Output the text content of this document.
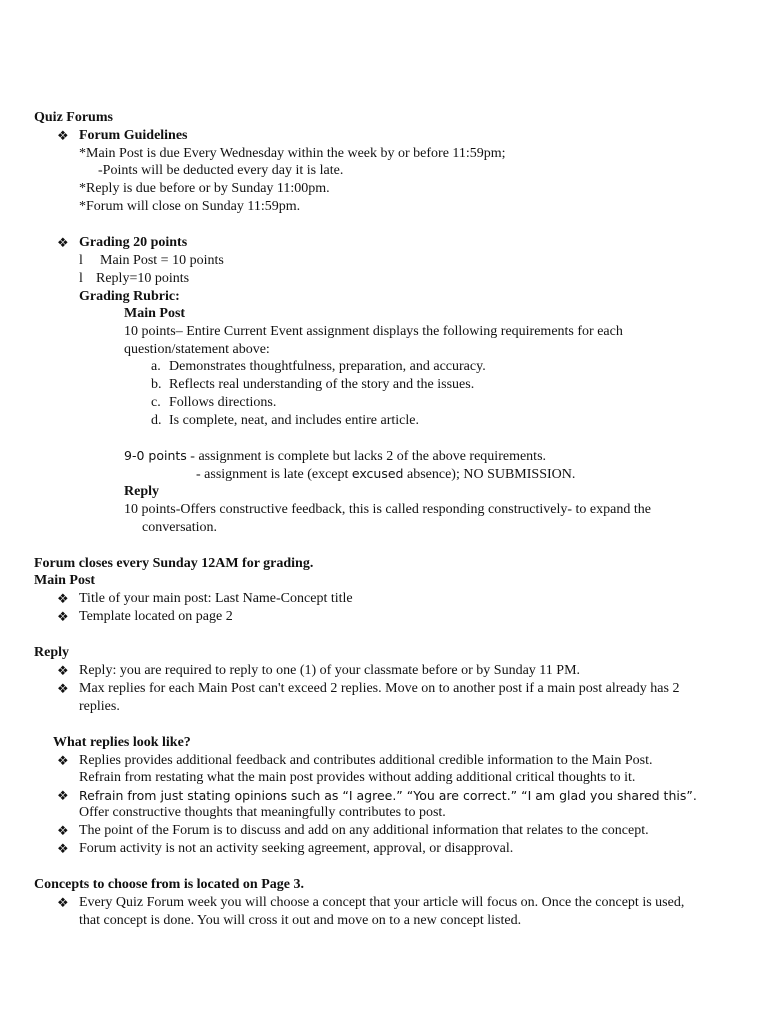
Quiz Forums
❖ Forum Guidelines
*Main Post is due Every Wednesday within the week by or before 11:59pm;
-Points will be deducted every day it is late.
*Reply is due before or by Sunday 11:00pm.
*Forum will close on Sunday 11:59pm.
❖ Grading 20 points
l Main Post = 10 points
l Reply=10 points
Grading Rubric:
Main Post
10 points– Entire Current Event assignment displays the following requirements for each
question/statement above:
a. Demonstrates thoughtfulness, preparation, and accuracy.
b. Reflects real understanding of the story and the issues.
c. Follows directions.
d. Is complete, neat, and includes entire article.
9-0 points - assignment is complete but lacks 2 of the above requirements.
- assignment is late (except excused absence); NO SUBMISSION.
Reply
10 points-Offers constructive feedback, this is called responding constructively- to expand the
conversation.
Forum closes every Sunday 12AM for grading.
Main Post
❖ Title of your main post: Last Name-Concept title
❖ Template located on page 2
Reply
❖ Reply: you are required to reply to one (1) of your classmate before or by Sunday 11 PM.
❖ Max replies for each Main Post can't exceed 2 replies. Move on to another post if a main post already has 2
replies.
What replies look like?
❖ Replies provides additional feedback and contributes additional credible information to the Main Post.
Refrain from restating what the main post provides without adding additional critical thoughts to it.
❖ Refrain from just stating opinions such as “I agree.” “You are correct.” “I am glad you shared this”.
Offer constructive thoughts that meaningfully contributes to post.
❖ The point of the Forum is to discuss and add on any additional information that relates to the concept.
❖ Forum activity is not an activity seeking agreement, approval, or disapproval.
Concepts to choose from is located on Page 3.
❖ Every Quiz Forum week you will choose a concept that your article will focus on. Once the concept is used,
that concept is done. You will cross it out and move on to a new concept listed.
